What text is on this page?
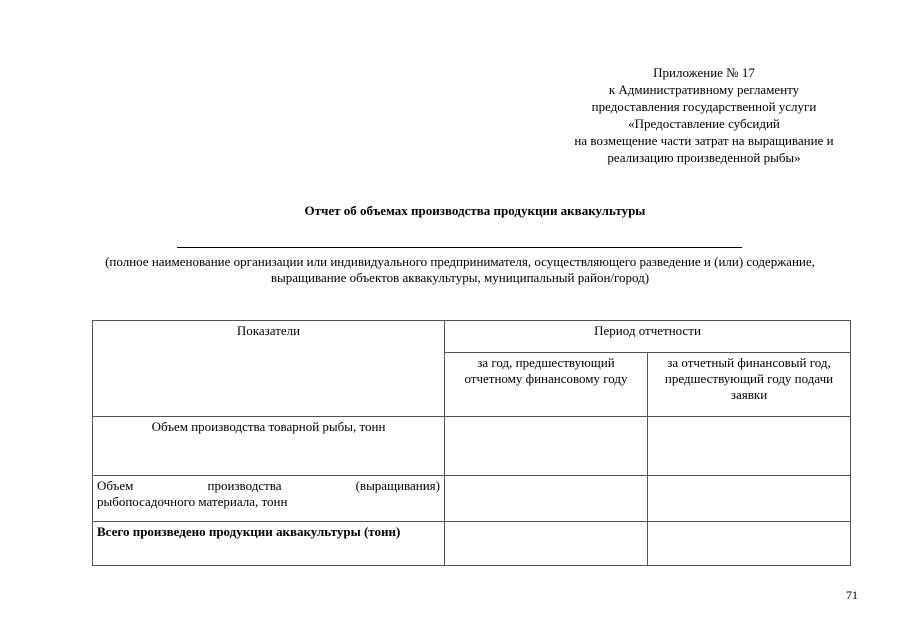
Приложение № 17
к Административному регламенту
предоставления государственной услуги
«Предоставление субсидий
на возмещение части затрат на выращивание и
реализацию произведенной рыбы»
Отчет об объемах производства продукции аквакультуры
(полное наименование организации или индивидуального предпринимателя, осуществляющего разведение и (или) содержание,
выращивание объектов аквакультуры, муниципальный район/город)
Показатели	Период отчетности	
	за год, предшествующий отчетному финансовому году	за отчетный финансовый год, предшествующий году подачи заявки
Объем производства товарной рыбы, тонн		

Объем производства (выращивания)
рыбопосадочного материала, тонн		

Всего произведено продукции аквакультуры (тонн)		
71
